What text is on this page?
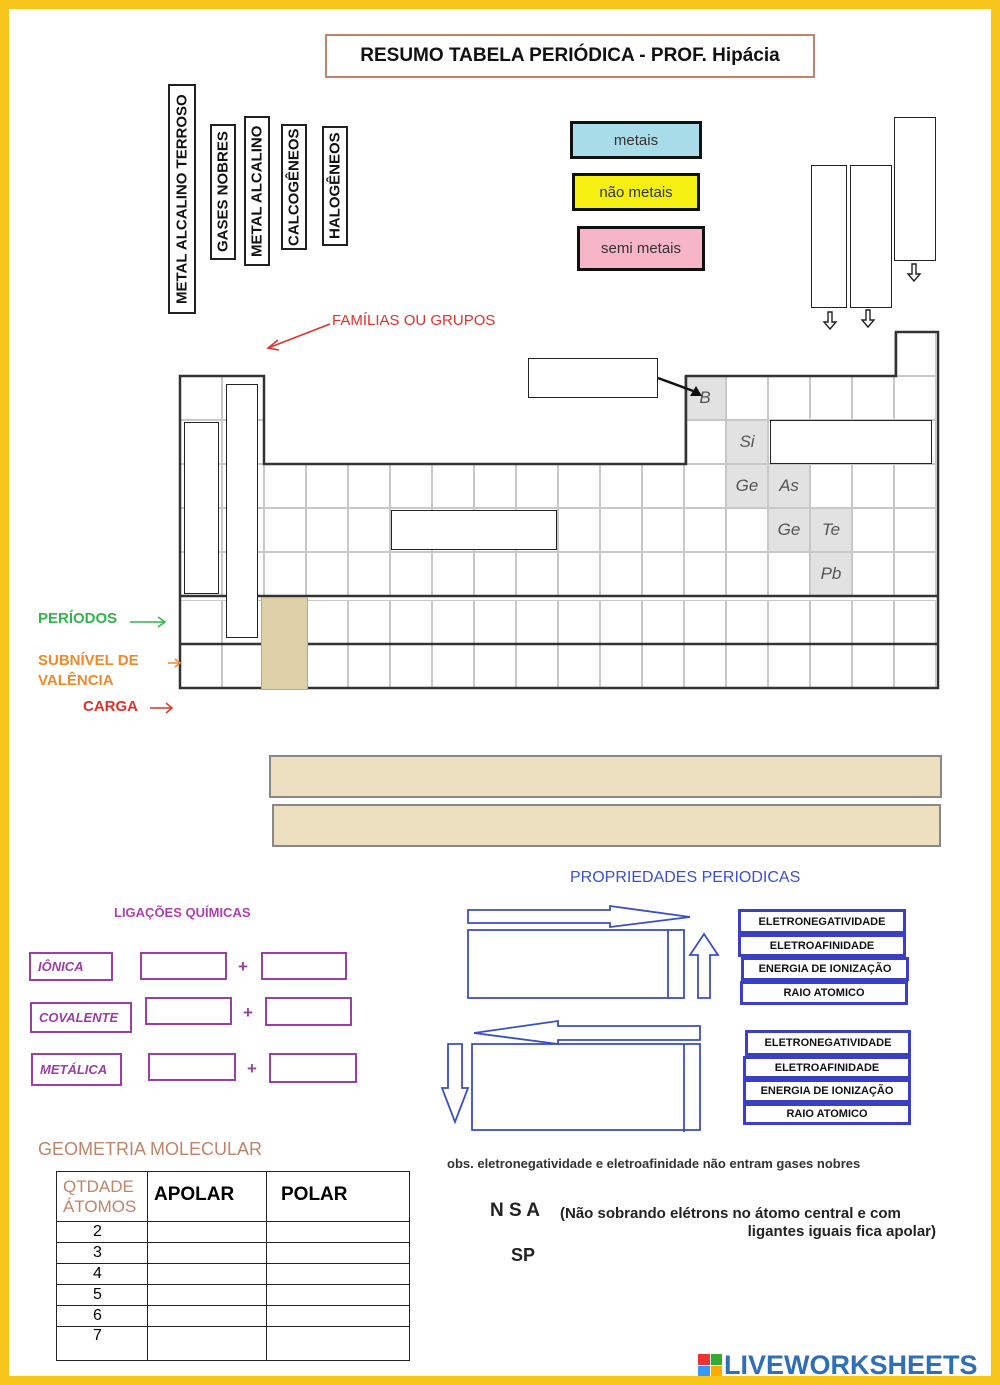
RESUMO TABELA PERIÓDICA - PROF. Hipácia
METAL ALCALINO TERROSO	GASES NOBRES	METAL ALCALINO	CALCOGÊNEOS	HALOGÊNEOS	metais
não metais
semi metais
FAMÍLIAS OU GRUPOS
B
Si
Ge	As
Ge	Te
Pb
PERÍODOS
SUBNÍVEL DE VALÊNCIA
CARGA
PROPRIEDADES PERIODICAS
ELETRONEGATIVIDADE
ELETROAFINIDADE
ENERGIA DE IONIZAÇÃO
RAIO ATOMICO
ELETRONEGATIVIDADE
ELETROAFINIDADE
ENERGIA DE IONIZAÇÃO
RAIO ATOMICO
obs. eletronegatividade e eletroafinidade não entram gases nobres
LIGAÇÕES QUÍMICAS
IÔNICA	+
COVALENTE	+
METÁLICA	+
GEOMETRIA MOLECULAR
QTDADE ÁTOMOS	APOLAR	POLAR
2		
3		
4		
5		
6		
7		
N S A (Não sobrando elétrons no átomo central e com
ligantes iguais fica apolar)
SP
LIVEWORKSHEETS
